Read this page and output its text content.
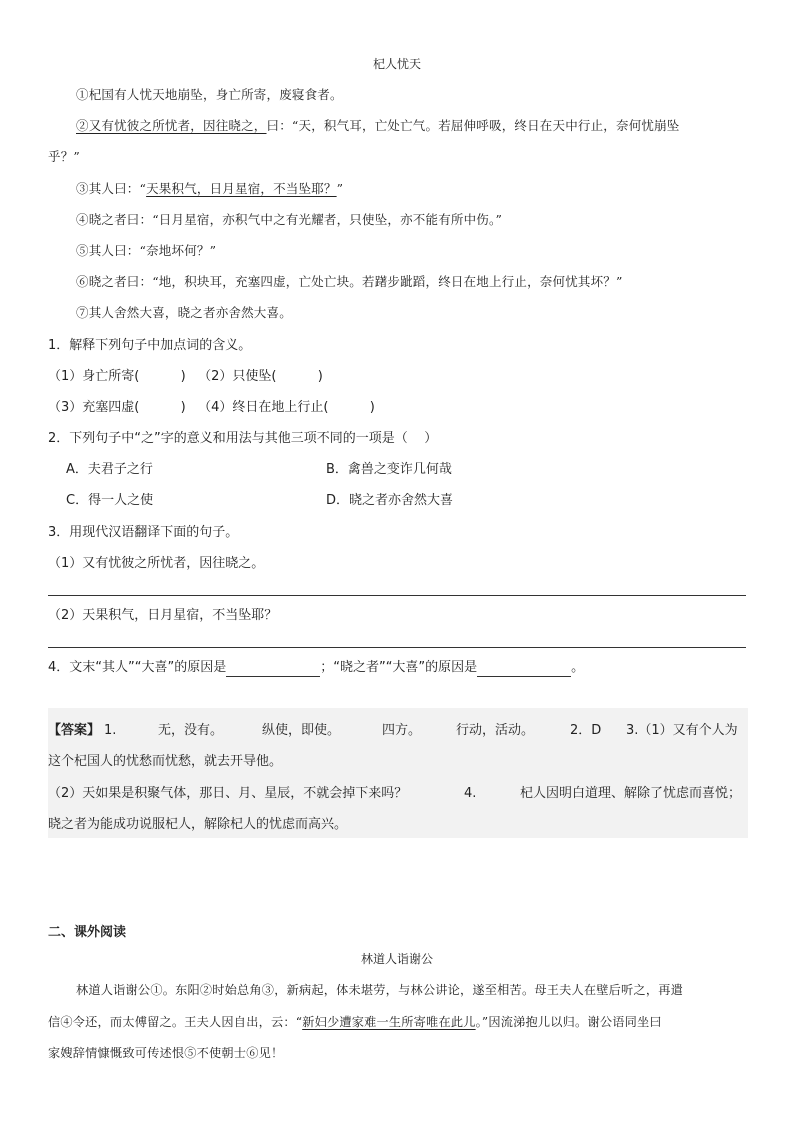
杞人忧天
①杞国有人忧天地崩坠，身亡所寄，废寝食者。
②又有忧彼之所忧者，因往晓之，曰：“天，积气耳，亡处亡气。若屈伸呼吸，终日在天中行止，奈何忧崩坠
乎？”
③其人曰：“天果积气，日月星宿，不当坠耶？”
④晓之者曰：“日月星宿，亦积气中之有光耀者，只使坠，亦不能有所中伤。”
⑤其人曰：“奈地坏何？”
⑥晓之者曰：“地，积块耳，充塞四虚，亡处亡块。若躇步跐蹈，终日在地上行止，奈何忧其坏？”
⑦其人舍然大喜，晓之者亦舍然大喜。
1．解释下列句子中加点词的含义。
（1）身亡所寄(          )   （2）只使坠(          )
（3）充塞四虚(          )   （4）终日在地上行止(          )
2．下列句子中“之”字的意义和用法与其他三项不同的一项是（    ）
A．夫君子之行	B．禽兽之变诈几何哉
C．得一人之使	D．晓之者亦舍然大喜
3．用现代汉语翻译下面的句子。
（1）又有忧彼之所忧者，因往晓之。
（2）天果积气，日月星宿，不当坠耶？
4．文末“其人”“大喜”的原因是	；“晓之者”“大喜”的原因是	。
【答案】 1.	无，没有。	纵使，即使。	四方。	行动，活动。	2．D 3.（1）又有个人为
这个杞国人的忧愁而忧愁，就去开导他。
（2）天如果是积聚气体，那日、月、星辰，不就会掉下来吗？	4.	杞人因明白道理、解除了忧虑而喜悦；
晓之者为能成功说服杞人，解除杞人的忧虑而高兴。
二、课外阅读
林道人诣谢公
林道人诣谢公①。东阳②时始总角③，新病起，体未堪劳，与林公讲论，遂至相苦。母王夫人在壁后听之，再遣
信④令还，而太傅留之。王夫人因自出，云：“新妇少遭家难一生所寄唯在此儿。”因流涕抱儿以归。谢公语同坐曰
家嫂辞情慷慨致可传述恨⑤不使朝士⑥见！
